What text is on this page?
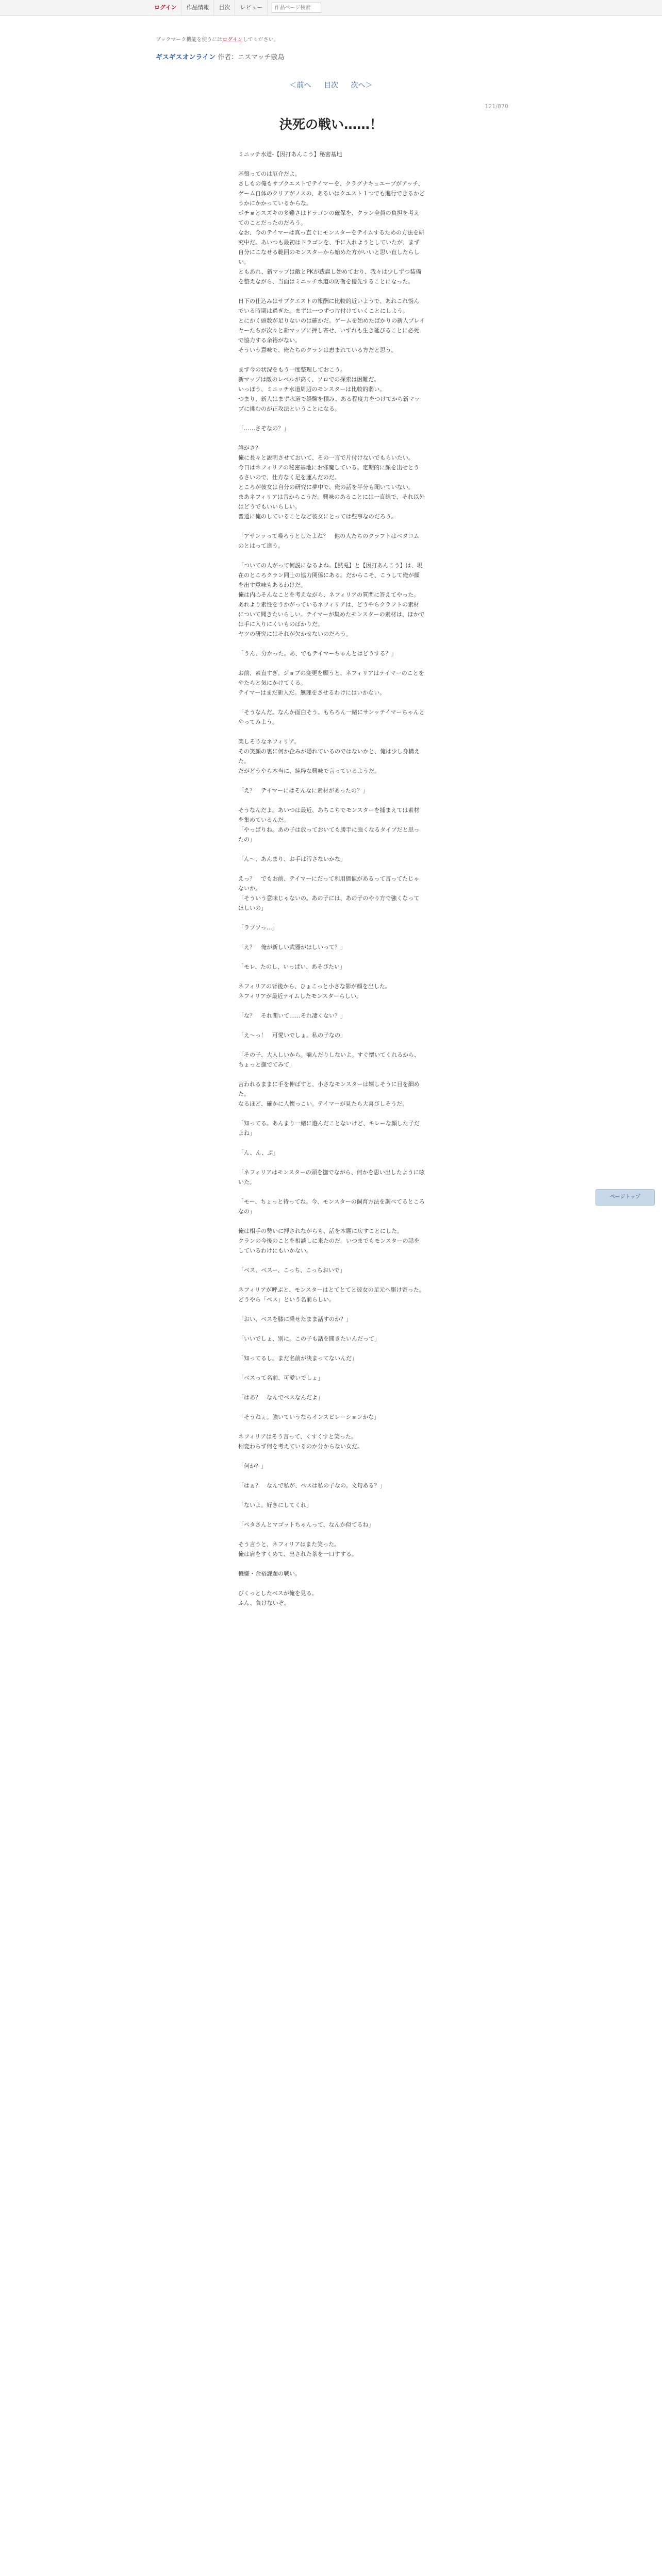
ログイン	作品情報	目次	レビュー
作品ページ検索
ブックマーク機能を使うにはログインしてください。
ギスギスオンライン 作者：ニスマッチ敷島
＜前へ 目次 次へ＞
121/870
決死の戦い……！

ミニッチ水道-【因打あんこう】秘密基地

基盤ってのは厄介だよ。

さしもの俺もサブクエストでテイマーを、クラグナキュエーブがアッチ、ゲーム自体のクリアがノスの、あるいはクエスト１つでも進行できるかどうかにかかっているからな。

ポチョとスズキの多難さはドラゴンの確保を、クラン全員の負担を考えてのことだったのだろう。

なお、今のテイマーは真っ直ぐにモンスターをテイムするための方法を研究中だ。あいつも最初はドラゴンを、手に入れようとしていたが、まず自分にこなせる範囲のモンスターから始めた方がいいと思い直したらしい。

ともあれ、新マップは敵とPKが跋扈し始めており、我々は少しずつ装備を整えながら、当面はミニッチ水道の防衛を優先することになった。

日下の仕込みはサブクエストの報酬に比較的近いようで、あれこれ悩んでいる時期は過ぎた。まずは一つずつ片付けていくことにしよう。

とにかく頭数が足りないのは確かだ。ゲームを始めたばかりの新人プレイヤーたちが次々と新マップに押し寄せ、いずれも生き延びることに必死で協力する余裕がない。

そういう意味で、俺たちのクランは恵まれている方だと思う。

まず今の状況をもう一度整理しておこう。

新マップは敵のレベルが高く、ソロでの探索は困難だ。

いっぽう、ミニッチ水道周辺のモンスターは比較的弱い。

つまり、新人はまず水道で経験を積み、ある程度力をつけてから新マップに挑むのが正攻法ということになる。

「……さぞなの？」

誰がさ？

俺に長々と説明させておいて、その一言で片付けないでもらいたい。

今日はネフィリアの秘密基地にお邪魔している。定期的に顔を出せとうるさいので、仕方なく足を運んだのだ。

ところが彼女は自分の研究に夢中で、俺の話を半分も聞いていない。

まあネフィリアは昔からこうだ。興味のあることには一直線で、それ以外はどうでもいいらしい。

普通に俺のしていることなど彼女にとっては些事なのだろう。

「アサンッって喋ろうとしたよね？　他の人たちのクラフトはベタコムのとはって違う。

「ついての人がって何説になるよね。【黙兎】と【因打あんこう】は、現在のところクラン同士の協力関係にある。だからこそ、こうして俺が顔を出す意味もあるわけだ。

俺は内心そんなことを考えながら、ネフィリアの質問に答えてやった。

あれより素性をうかがっているネフィリアは、どうやらクラフトの素材について聞きたいらしい。テイマーが集めたモンスターの素材は、ほかでは手に入りにくいものばかりだ。

ヤツの研究にはそれが欠かせないのだろう。

「うん、分かった。あ、でもテイマーちゃんとはどうする？」

お前、素直すぎ。ジョブの変更を願うと、ネフィリアはテイマーのことをやたらと気にかけてくる。

テイマーはまだ新人だ。無理をさせるわけにはいかない。

「そうなんだ。なんか面白そう。もちろん一緒にサンッテイマーちゃんとやってみよう。

楽しそうなネフィリア。

その笑顔の裏に何か企みが隠れているのではないかと、俺は少し身構えた。

だがどうやら本当に、純粋な興味で言っているようだ。

「え？　テイマーにはそんなに素材があったの？」

そうなんだよ。あいつは最近、あちこちでモンスターを捕まえては素材を集めているんだ。

「やっぱりね。あの子は放っておいても勝手に強くなるタイプだと思ったの」

「ん～、あんまり、お手は汚さないかな」

えっ？　でもお前、テイマーにだって利用価値があるって言ってたじゃないか。

「そういう意味じゃないの。あの子には、あの子のやり方で強くなってほしいの」

「ラプソっ…」

「え？　俺が新しい武器がほしいって？」

「モレ、たのし、いっぱい、あそびたい」

ネフィリアの背後から、ひょこっと小さな影が顔を出した。

ネフィリアが最近テイムしたモンスターらしい。

「な？　それ聞いて……それ凄くない？」

「え〜っ！　可愛いでしょ。私の子なの」

「その子、大人しいから。噛んだりしないよ。すぐ懐いてくれるから、ちょっと撫でてみて」

言われるままに手を伸ばすと、小さなモンスターは嬉しそうに目を細めた。

なるほど、確かに人懐っこい。テイマーが見たら大喜びしそうだ。

「知ってる。あんまり一緒に遊んだことないけど、キレーな顔した子だよね」

「ん、ん、ぷ」

「ネフィリアはモンスターの頭を撫でながら、何かを思い出したように呟いた。

「モー、ちょっと待ってね。今、モンスターの飼育方法を調べてるところなの」

俺は相手の勢いに押されながらも、話を本題に戻すことにした。

クランの今後のことを相談しに来たのだ。いつまでもモンスターの話をしているわけにもいかない。

「ベス、ベスー、こっち、こっちおいで」

ネフィリアが呼ぶと、モンスターはとてとてと彼女の足元へ駆け寄った。

どうやら「ベス」という名前らしい。

「おい、ベスを膝に乗せたまま話すのか？」

「いいでしょ、別に。この子も話を聞きたいんだって」

「知ってるし。まだ名前が決まってないんだ」

「ベスって名前、可愛いでしょ」

「はあ？　なんでベスなんだよ」

「そうねぇ。強いていうならインスピレーションかな」

ネフィリアはそう言って、くすくすと笑った。

相変わらず何を考えているのか分からない女だ。

「何か？」

「はぁ？　なんで私が、ベスは私の子なの。文句ある？」

「ないよ。好きにしてくれ」

「ペタさんとマゴットちゃんって、なんか似てるね」

そう言うと、ネフィリアはまた笑った。

俺は肩をすくめて、出された茶を一口すする。

機嫌・余裕課題の戦い。

びくっとしたベスが俺を見る。

ふん、負けないぞ。

ページトップ
